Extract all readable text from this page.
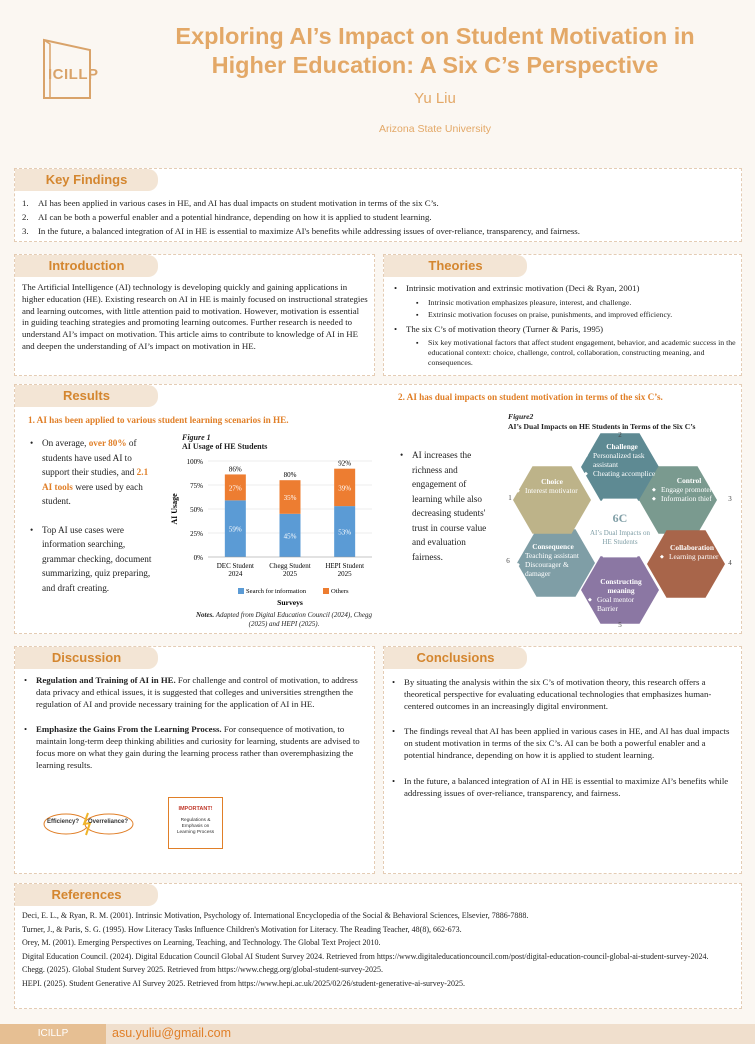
ICILLP
Exploring AI’s Impact on Student Motivation in
Higher Education: A Six C’s Perspective
Yu Liu
Arizona State University
Key Findings
1. AI has been applied in various cases in HE, and AI has dual impacts on student motivation in terms of the six C’s.
2. AI can be both a powerful enabler and a potential hindrance, depending on how it is applied to student learning.
3. In the future, a balanced integration of AI in HE is essential to maximize AI's benefits while addressing issues of over-reliance, transparency, and fairness.
Introduction
The Artificial Intelligence (AI) technology is developing quickly and gaining applications in higher education (HE). Existing research on AI in HE is mainly focused on instructional strategies and learning outcomes, with little attention paid to motivation. However, motivation is essential in guiding teaching strategies and promoting learning outcomes. Further research is needed to understand AI’s impact on motivation. This article aims to contribute to knowledge of AI in HE and deepen the understanding of AI’s impact on motivation in HE.
Theories
• Intrinsic motivation and extrinsic motivation (Deci & Ryan, 2001)
▪ Intrinsic motivation emphasizes pleasure, interest, and challenge.
▪ Extrinsic motivation focuses on praise, punishments, and improved efficiency.
• The six C’s of motivation theory (Turner & Paris, 1995)
▪ Six key motivational factors that affect student engagement, behavior, and academic success in the educational context: choice, challenge, control, collaboration, constructing meaning, and consequences.
Results
1. AI has been applied to various student learning scenarios in HE.
2. AI has dual impacts on student motivation in terms of the six C’s.
• On average, over 80% of students have used AI to support their studies, and 2.1 AI tools were used by each student.
• Top AI use cases were information searching, grammar checking, document summarizing, quiz preparing, and draft creating.
Figure 1
AI Usage of HE Students
AI Usage
100%
75%
50%
25%
0%
59%
27%
86%
DEC Student
2024
45%
35%
80%
Chegg Student
2025
53%
39%
92%
HEPI Student
2025
Search for information	Others
Surveys
Notes. Adapted from Digital Education Council (2024), Chegg (2025) and HEPI (2025).
• AI increases the richness and engagement of learning while also decreasing students' trust in course value and evaluation fairness.
Figure2
AI’s Dual Impacts on HE Students in Terms of the Six C’s
2
3
4
5
6
1
6C
AI’s Dual Impacts on
HE Students
Challenge
◆ Personalized task assistant
◆ Cheating accomplice
Control
◆ Engage promoter
◆ Information thief
Collaboration
◆ Learning partner
Constructing meaning
◆ Goal mentor
◆ Barrier
Consequence
◆ Teaching assistant
◆ Discourager & damager
Choice
◆ Interest motivator
Discussion
• Regulation and Training of AI in HE. For challenge and control of motivation, to address data privacy and ethical issues, it is suggested that colleges and universities strengthen the regulation of AI and provide necessary training for the application of AI in HE.
• Emphasize the Gains From the Learning Process. For consequence of motivation, to maintain long-term deep thinking abilities and curiosity for learning, students are advised to focus more on what they gain during the learning process rather than overemphasizing the learning results.
Efficiency? Overreliance?
IMPORTANT!
Regulations & Emphasis on Learning Process
Conclusions
• By situating the analysis within the six C’s of motivation theory, this research offers a theoretical perspective for evaluating educational technologies that emphasizes human-centered outcomes in an increasingly digital environment.
• The findings reveal that AI has been applied in various cases in HE, and AI has dual impacts on student motivation in terms of the six C’s. AI can be both a powerful enabler and a potential hindrance, depending on how it is applied to student learning.
• In the future, a balanced integration of AI in HE is essential to maximize AI’s benefits while addressing issues of over-reliance, transparency, and fairness.
References
Deci, E. L., & Ryan, R. M. (2001). Intrinsic Motivation, Psychology of. International Encyclopedia of the Social & Behavioral Sciences, Elsevier, 7886-7888.
Turner, J., & Paris, S. G. (1995). How Literacy Tasks Influence Children's Motivation for Literacy. The Reading Teacher, 48(8), 662-673.
Orey, M. (2001). Emerging Perspectives on Learning, Teaching, and Technology. The Global Text Project 2010.
Digital Education Council. (2024). Digital Education Council Global AI Student Survey 2024. Retrieved from https://www.digitaleducationcouncil.com/post/digital-education-council-global-ai-student-survey-2024.
Chegg. (2025). Global Student Survey 2025. Retrieved from https://www.chegg.org/global-student-survey-2025.
HEPI. (2025). Student Generative AI Survey 2025. Retrieved from https://www.hepi.ac.uk/2025/02/26/student-generative-ai-survey-2025.
ICILLP	asu.yuliu@gmail.com
